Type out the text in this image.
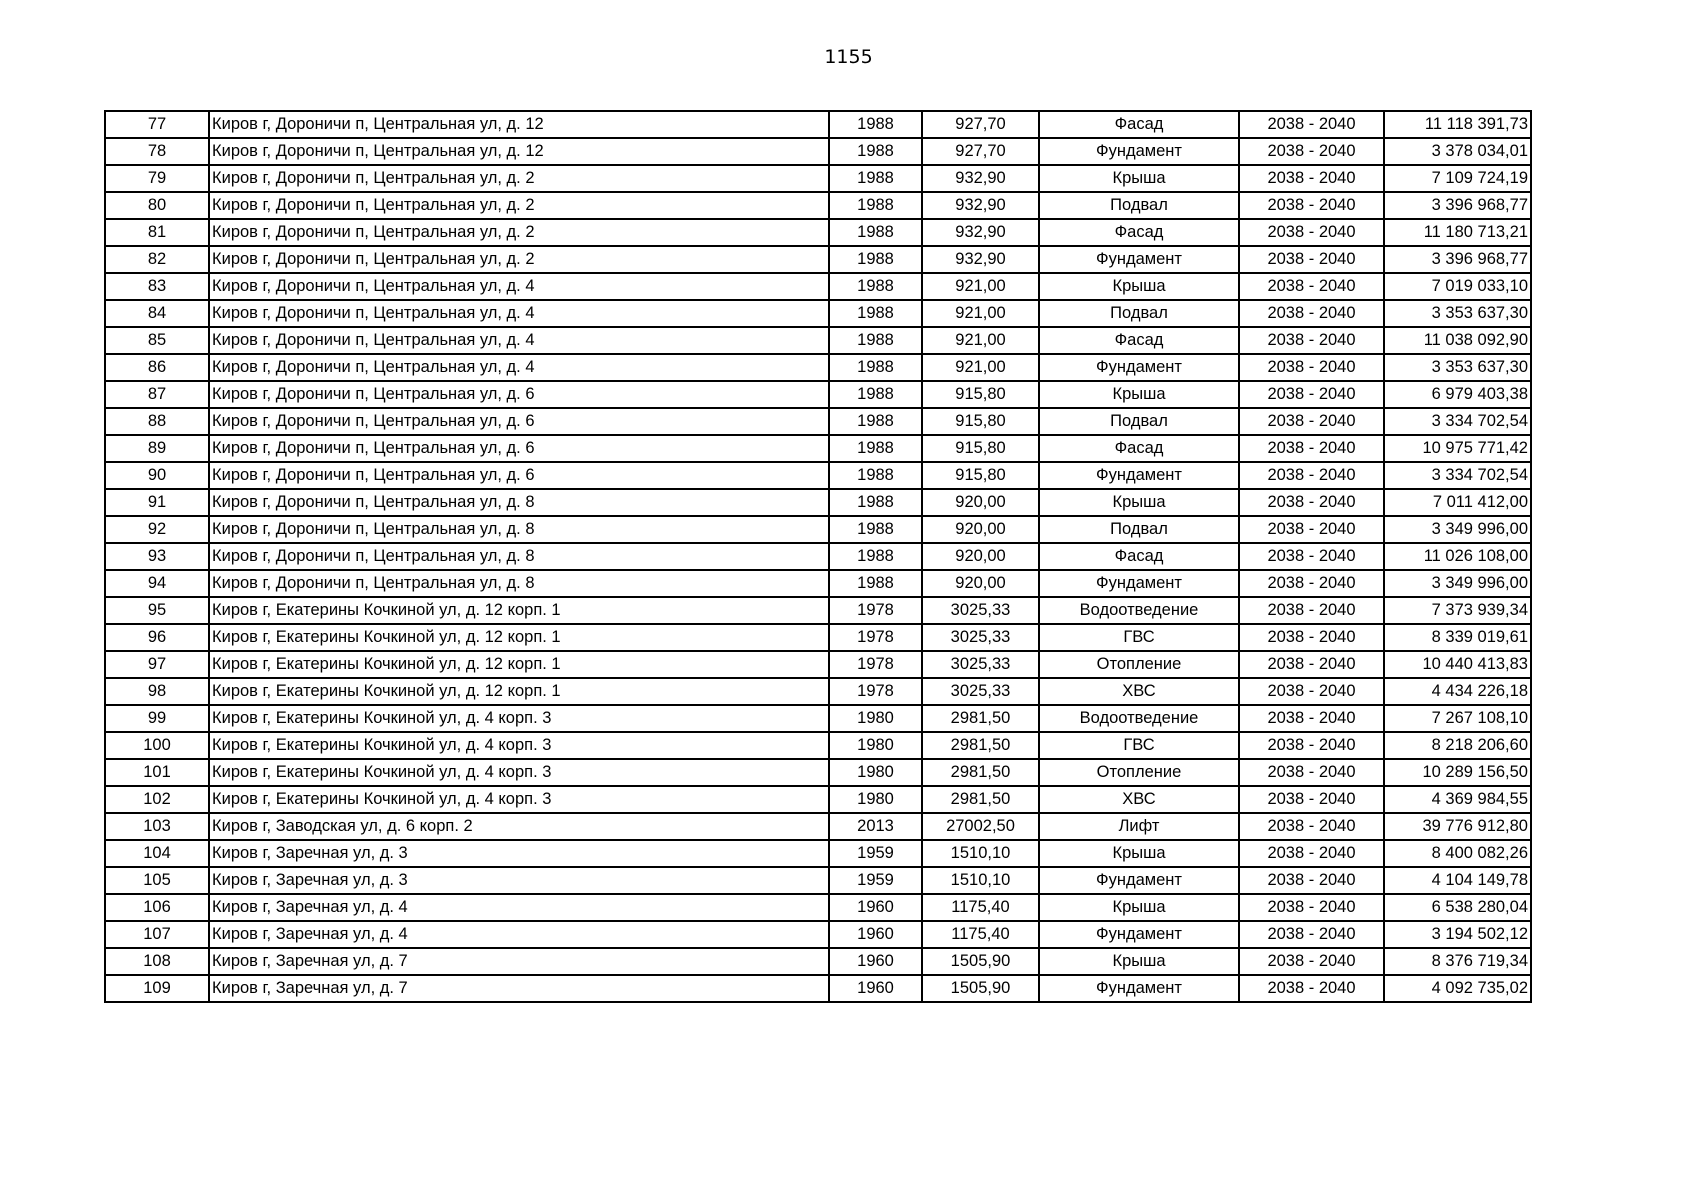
1155
77	Киров г, Дороничи п, Центральная ул, д. 12	1988	927,70	Фасад	2038 - 2040	11 118 391,73
78	Киров г, Дороничи п, Центральная ул, д. 12	1988	927,70	Фундамент	2038 - 2040	3 378 034,01
79	Киров г, Дороничи п, Центральная ул, д. 2	1988	932,90	Крыша	2038 - 2040	7 109 724,19
80	Киров г, Дороничи п, Центральная ул, д. 2	1988	932,90	Подвал	2038 - 2040	3 396 968,77
81	Киров г, Дороничи п, Центральная ул, д. 2	1988	932,90	Фасад	2038 - 2040	11 180 713,21
82	Киров г, Дороничи п, Центральная ул, д. 2	1988	932,90	Фундамент	2038 - 2040	3 396 968,77
83	Киров г, Дороничи п, Центральная ул, д. 4	1988	921,00	Крыша	2038 - 2040	7 019 033,10
84	Киров г, Дороничи п, Центральная ул, д. 4	1988	921,00	Подвал	2038 - 2040	3 353 637,30
85	Киров г, Дороничи п, Центральная ул, д. 4	1988	921,00	Фасад	2038 - 2040	11 038 092,90
86	Киров г, Дороничи п, Центральная ул, д. 4	1988	921,00	Фундамент	2038 - 2040	3 353 637,30
87	Киров г, Дороничи п, Центральная ул, д. 6	1988	915,80	Крыша	2038 - 2040	6 979 403,38
88	Киров г, Дороничи п, Центральная ул, д. 6	1988	915,80	Подвал	2038 - 2040	3 334 702,54
89	Киров г, Дороничи п, Центральная ул, д. 6	1988	915,80	Фасад	2038 - 2040	10 975 771,42
90	Киров г, Дороничи п, Центральная ул, д. 6	1988	915,80	Фундамент	2038 - 2040	3 334 702,54
91	Киров г, Дороничи п, Центральная ул, д. 8	1988	920,00	Крыша	2038 - 2040	7 011 412,00
92	Киров г, Дороничи п, Центральная ул, д. 8	1988	920,00	Подвал	2038 - 2040	3 349 996,00
93	Киров г, Дороничи п, Центральная ул, д. 8	1988	920,00	Фасад	2038 - 2040	11 026 108,00
94	Киров г, Дороничи п, Центральная ул, д. 8	1988	920,00	Фундамент	2038 - 2040	3 349 996,00
95	Киров г, Екатерины Кочкиной ул, д. 12 корп. 1	1978	3025,33	Водоотведение	2038 - 2040	7 373 939,34
96	Киров г, Екатерины Кочкиной ул, д. 12 корп. 1	1978	3025,33	ГВС	2038 - 2040	8 339 019,61
97	Киров г, Екатерины Кочкиной ул, д. 12 корп. 1	1978	3025,33	Отопление	2038 - 2040	10 440 413,83
98	Киров г, Екатерины Кочкиной ул, д. 12 корп. 1	1978	3025,33	ХВС	2038 - 2040	4 434 226,18
99	Киров г, Екатерины Кочкиной ул, д. 4 корп. 3	1980	2981,50	Водоотведение	2038 - 2040	7 267 108,10
100	Киров г, Екатерины Кочкиной ул, д. 4 корп. 3	1980	2981,50	ГВС	2038 - 2040	8 218 206,60
101	Киров г, Екатерины Кочкиной ул, д. 4 корп. 3	1980	2981,50	Отопление	2038 - 2040	10 289 156,50
102	Киров г, Екатерины Кочкиной ул, д. 4 корп. 3	1980	2981,50	ХВС	2038 - 2040	4 369 984,55
103	Киров г, Заводская ул, д. 6 корп. 2	2013	27002,50	Лифт	2038 - 2040	39 776 912,80
104	Киров г, Заречная ул, д. 3	1959	1510,10	Крыша	2038 - 2040	8 400 082,26
105	Киров г, Заречная ул, д. 3	1959	1510,10	Фундамент	2038 - 2040	4 104 149,78
106	Киров г, Заречная ул, д. 4	1960	1175,40	Крыша	2038 - 2040	6 538 280,04
107	Киров г, Заречная ул, д. 4	1960	1175,40	Фундамент	2038 - 2040	3 194 502,12
108	Киров г, Заречная ул, д. 7	1960	1505,90	Крыша	2038 - 2040	8 376 719,34
109	Киров г, Заречная ул, д. 7	1960	1505,90	Фундамент	2038 - 2040	4 092 735,02
